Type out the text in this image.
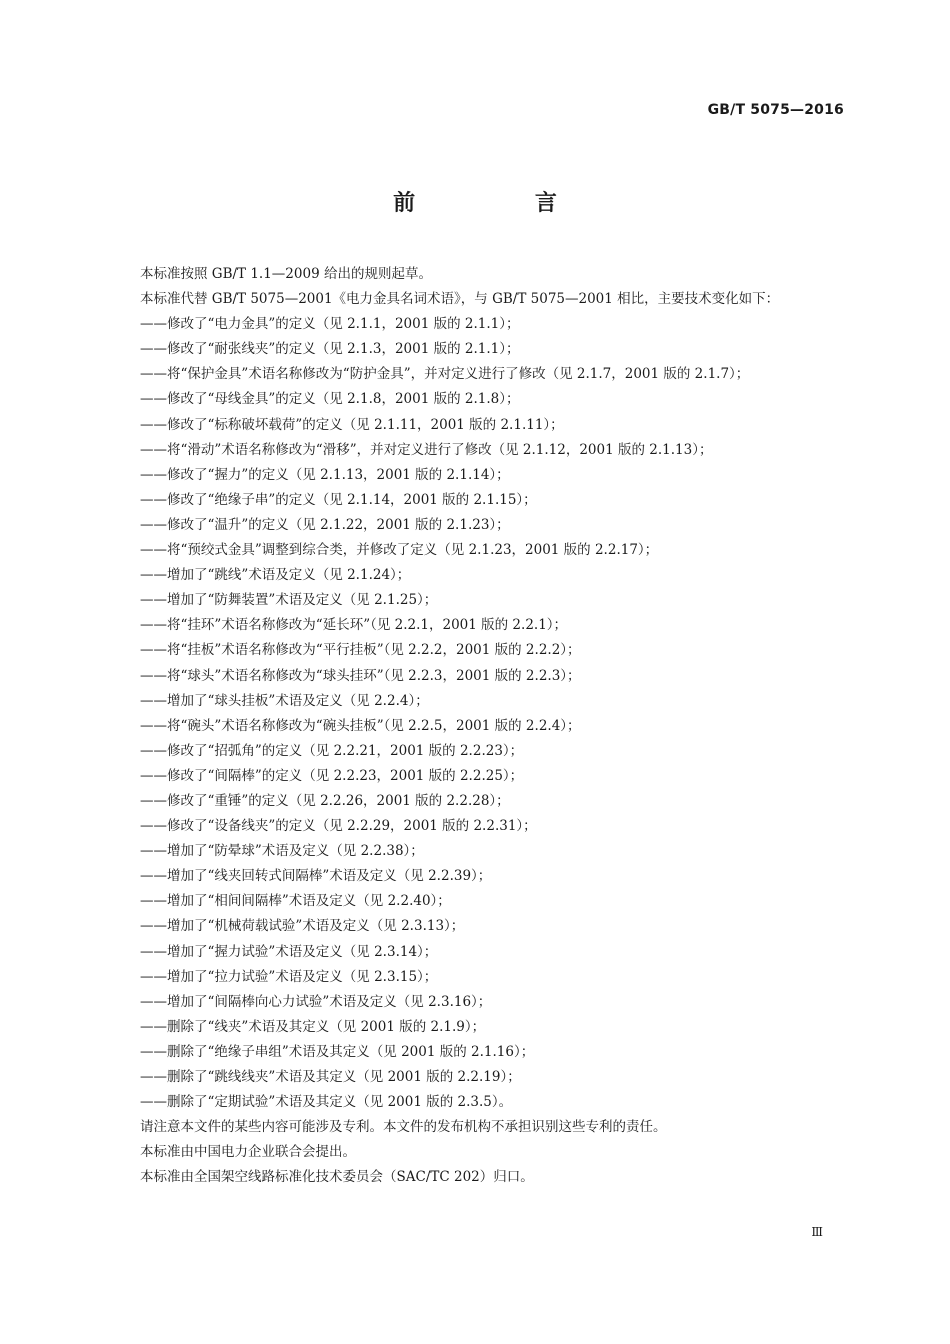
GB/T 5075—2016
前 言

本标准按照 GB/T 1.1—2009 给出的规则起草。

本标准代替 GB/T 5075—2001《电力金具名词术语》，与 GB/T 5075—2001 相比，主要技术变化如下：

——修改了“电力金具”的定义（见 2.1.1，2001 版的 2.1.1）；
——修改了“耐张线夹”的定义（见 2.1.3，2001 版的 2.1.1）；
——将“保护金具”术语名称修改为“防护金具”，并对定义进行了修改（见 2.1.7，2001 版的 2.1.7）；
——修改了“母线金具”的定义（见 2.1.8，2001 版的 2.1.8）；
——修改了“标称破坏载荷”的定义（见 2.1.11，2001 版的 2.1.11）；
——将“滑动”术语名称修改为“滑移”，并对定义进行了修改（见 2.1.12，2001 版的 2.1.13）；
——修改了“握力”的定义（见 2.1.13，2001 版的 2.1.14）；
——修改了“绝缘子串”的定义（见 2.1.14，2001 版的 2.1.15）；
——修改了“温升”的定义（见 2.1.22，2001 版的 2.1.23）；
——将“预绞式金具”调整到综合类，并修改了定义（见 2.1.23，2001 版的 2.2.17）；
——增加了“跳线”术语及定义（见 2.1.24）；
——增加了“防舞装置”术语及定义（见 2.1.25）；
——将“挂环”术语名称修改为“延长环”（见 2.2.1，2001 版的 2.2.1）；
——将“挂板”术语名称修改为“平行挂板”（见 2.2.2，2001 版的 2.2.2）；
——将“球头”术语名称修改为“球头挂环”（见 2.2.3，2001 版的 2.2.3）；
——增加了“球头挂板”术语及定义（见 2.2.4）；
——将“碗头”术语名称修改为“碗头挂板”（见 2.2.5，2001 版的 2.2.4）；
——修改了“招弧角”的定义（见 2.2.21，2001 版的 2.2.23）；
——修改了“间隔棒”的定义（见 2.2.23，2001 版的 2.2.25）；
——修改了“重锤”的定义（见 2.2.26，2001 版的 2.2.28）；
——修改了“设备线夹”的定义（见 2.2.29，2001 版的 2.2.31）；
——增加了“防晕球”术语及定义（见 2.2.38）；
——增加了“线夹回转式间隔棒”术语及定义（见 2.2.39）；
——增加了“相间间隔棒”术语及定义（见 2.2.40）；
——增加了“机械荷载试验”术语及定义（见 2.3.13）；
——增加了“握力试验”术语及定义（见 2.3.14）；
——增加了“拉力试验”术语及定义（见 2.3.15）；
——增加了“间隔棒向心力试验”术语及定义（见 2.3.16）；
——删除了“线夹”术语及其定义（见 2001 版的 2.1.9）；
——删除了“绝缘子串组”术语及其定义（见 2001 版的 2.1.16）；
——删除了“跳线线夹”术语及其定义（见 2001 版的 2.2.19）；
——删除了“定期试验”术语及其定义（见 2001 版的 2.3.5）。

请注意本文件的某些内容可能涉及专利。本文件的发布机构不承担识别这些专利的责任。

本标准由中国电力企业联合会提出。

本标准由全国架空线路标准化技术委员会（SAC/TC 202）归口。

Ⅲ
